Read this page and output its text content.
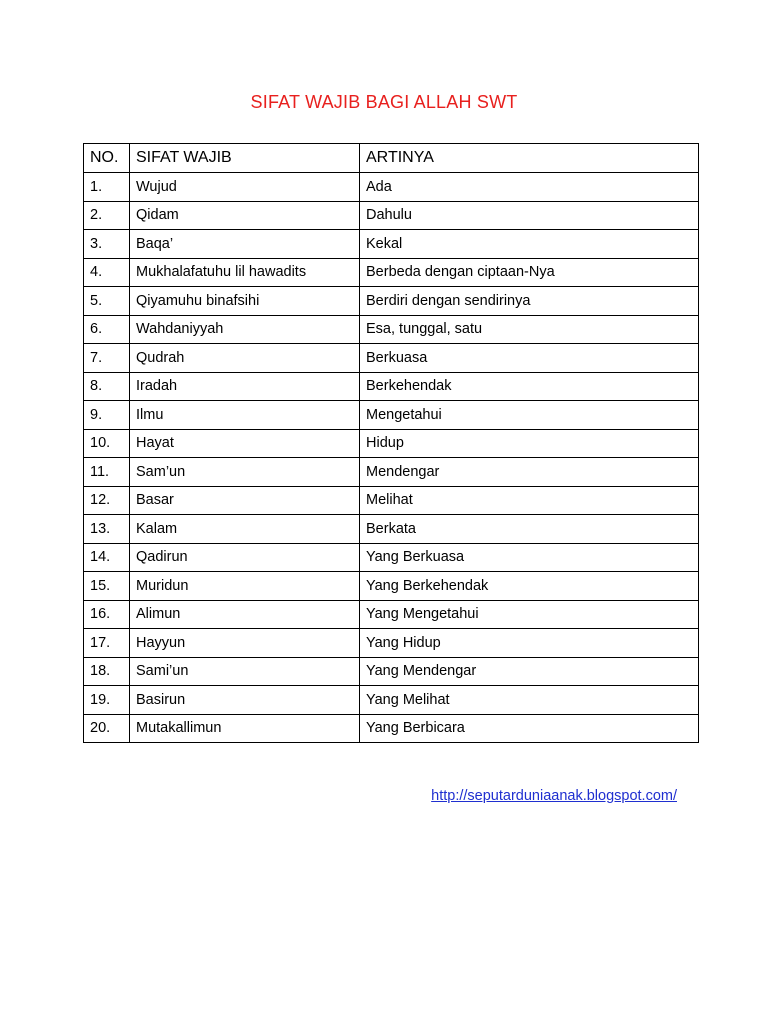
SIFAT WAJIB BAGI ALLAH SWT
NO.	SIFAT WAJIB	ARTINYA
1.	Wujud	Ada
2.	Qidam	Dahulu
3.	Baqa’	Kekal
4.	Mukhalafatuhu lil hawadits	Berbeda dengan ciptaan-Nya
5.	Qiyamuhu binafsihi	Berdiri dengan sendirinya
6.	Wahdaniyyah	Esa, tunggal, satu
7.	Qudrah	Berkuasa
8.	Iradah	Berkehendak
9.	Ilmu	Mengetahui
10.	Hayat	Hidup
11.	Sam’un	Mendengar
12.	Basar	Melihat
13.	Kalam	Berkata
14.	Qadirun	Yang Berkuasa
15.	Muridun	Yang Berkehendak
16.	Alimun	Yang Mengetahui
17.	Hayyun	Yang Hidup
18.	Sami’un	Yang Mendengar
19.	Basirun	Yang Melihat
20.	Mutakallimun	Yang Berbicara
http://seputarduniaanak.blogspot.com/
